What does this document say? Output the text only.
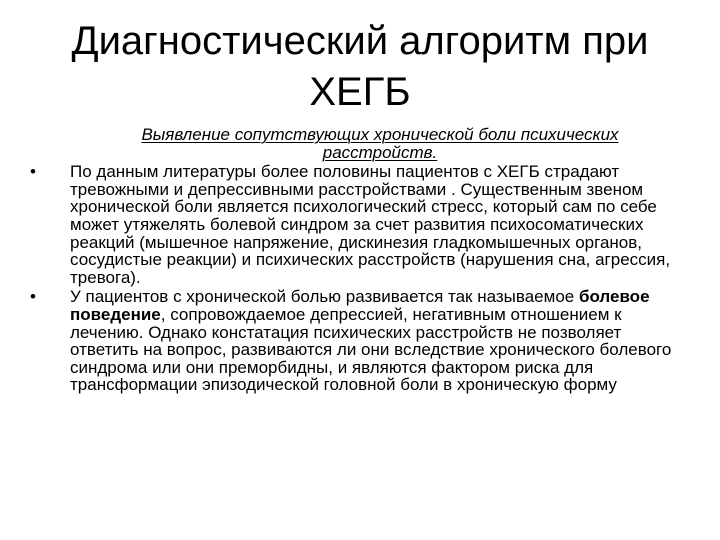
Диагностический алгоритм при
ХЕГБ
Выявление сопутствующих хронической боли психических
расстройств.
• По данным литературы более половины пациентов с ХЕГБ страдают тревожными и депрессивными расстройствами . Существенным звеном хронической боли является психологический стресс, который сам по себе может утяжелять болевой синдром за счет развития психосоматических реакций (мышечное напряжение, дискинезия гладкомышечных органов, сосудистые реакции) и психических расстройств (нарушения сна, агрессия, тревога).
• У пациентов с хронической болью развивается так называемое болевое поведение, сопровождаемое депрессией, негативным отношением к лечению. Однако констатация психических расстройств не позволяет ответить на вопрос, развиваются ли они вследствие хронического болевого синдрома или они преморбидны, и являются фактором риска для трансформации эпизодической головной боли в хроническую форму
